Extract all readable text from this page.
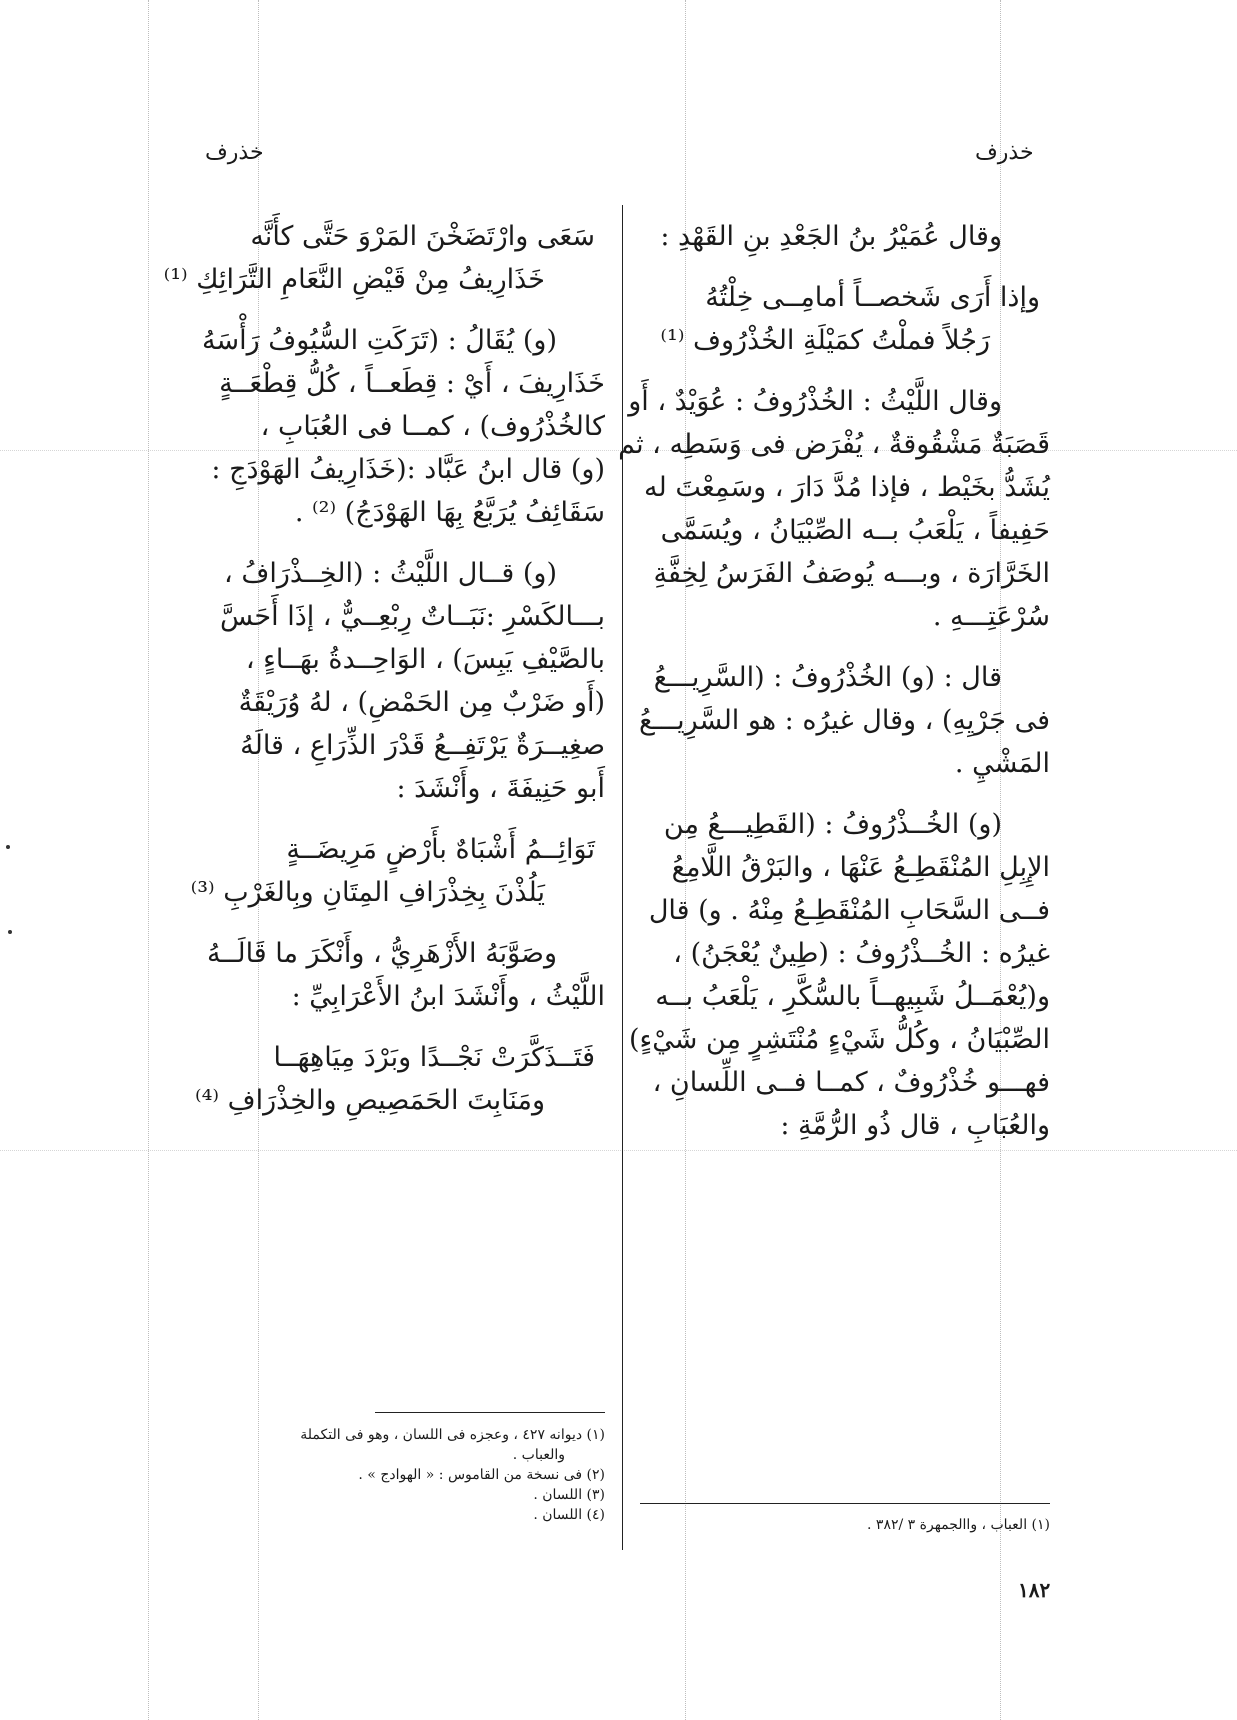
خذرف	خذرف

وقال عُمَيْرُ بنُ الجَعْدِ بنِ القَهْدِ :

وإذا أَرَى شَخصــاً أمامِــى خِلْتُهُ

رَجُلاً فملْتُ كمَيْلَةِ الخُذْرُوف ⁽¹⁾

وقال اللَّيْثُ : الخُذْرُوفُ : عُوَيْدٌ ، أَو

قَصَبَةٌ مَشْقُوقةٌ ، يُفْرَض فى وَسَطِه ، ثم

يُشَدُّ بخَيْط ، فإذا مُدَّ دَارَ ، وسَمِعْتَ له

حَفِيفاً ، يَلْعَبُ بــه الصِّبْيَانُ ، ويُسَمَّى

الخَرَّارَة ، وبـــه يُوصَفُ الفَرَسُ لِخِفَّةِ

سُرْعَتِـــهِ .

قال : (و) الخُذْرُوفُ : (السَّرِيـــعُ

فى جَرْيِهِ) ، وقال غيرُه : هو السَّرِيـــعُ

المَشْيِ .

(و) الخُــذْرُوفُ : (القَطِيـــعُ مِن

الإِبِلِ المُنْقَطِـعُ عَنْهَا ، والبَرْقُ اللَّامِعُ

فــى السَّحَابِ المُنْقَطِـعُ مِنْهُ . و) قال

غيرُه : الخُــذْرُوفُ : (طِينٌ يُعْجَنُ) ،

و(يُعْمَــلُ شَبِيهــاً بالسُّكَّرِ ، يَلْعَبُ بــه

الصِّبْيَانُ ، وكُلُّ شَيْءٍ مُنْتَشِرٍ مِن شَيْءٍ)

فهـــو خُذْرُوفٌ ، كمــا فــى اللِّسانِ ،

والعُبَابِ ، قال ذُو الرُّمَّةِ :

(١) العباب ، واالجمهرة ٣ /٣٨٢ .

سَعَى وارْتَضَخْنَ المَرْوَ حَتَّى كأَنَّه

خَذَارِيفُ مِنْ قَيْضِ النَّعَامِ التَّرَائِكِ ⁽¹⁾

(و) يُقَالُ : (تَرَكَتِ السُّيُوفُ رَأْسَهُ

خَذَارِيفَ ، أَيْ : قِطَعــاً ، كُلُّ قِطْعَــةٍ

كالخُذْرُوف) ، كمــا فى العُبَابِ ،

(و) قال ابنُ عَبَّاد :(خَذَارِيفُ الهَوْدَجِ :

سَقَائِفُ يُرَبَّعُ بِهَا الهَوْدَجُ) ⁽²⁾ .

(و) قــال اللَّيْثُ : (الخِــذْرَافُ ،

بـــالكَسْرِ :نَبَــاتٌ رِبْعِــيٌّ ، إذَا أَحَسَّ

بالصَّيْفِ يَبِسَ) ، الوَاحِــدةُ بهَــاءٍ ،

(أَو ضَرْبٌ مِن الحَمْضِ) ، لهُ وُرَيْقَةٌ

صغِيــرَةٌ يَرْتَفِــعُ قَدْرَ الذِّرَاعِ ، قالَهُ

أَبو حَنِيفَةَ ، وأَنْشَدَ :

تَوَائِــمُ أَشْبَاهٌ بأَرْضٍ مَرِيضَــةٍ

يَلُذْنَ بِخِذْرَافِ المِتَانِ وبِالغَرْبِ ⁽³⁾

وصَوَّبَهُ الأَزْهَرِيُّ ، وأَنْكَرَ ما قَالَــهُ

اللَّيْثُ ، وأَنْشَدَ ابنُ الأَعْرَابِيِّ :

فَتَــذَكَّرَتْ نَجْــدًا وبَرْدَ مِيَاهِهَــا

ومَنَابِتَ الحَمَصِيصِ والخِذْرَافِ ⁽⁴⁾

(١) ديوانه ٤٢٧ ، وعجزه فى اللسان ، وهو فى التكملة

والعباب .

(٢) فى نسخة من القاموس : « الهوادج » .

(٣) اللسان .

(٤) اللسان .

١٨٢
